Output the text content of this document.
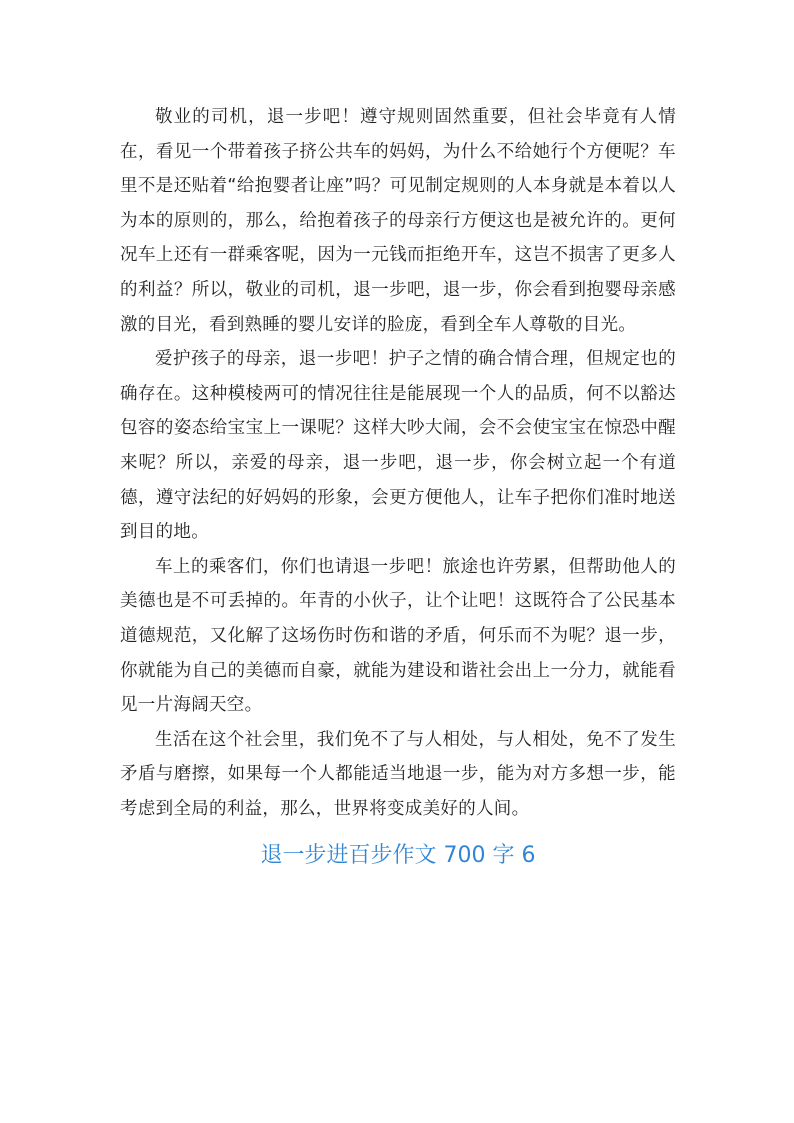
敬业的司机，退一步吧！遵守规则固然重要，但社会毕竟有人情在，看见一个带着孩子挤公共车的妈妈，为什么不给她行个方便呢？车里不是还贴着“给抱婴者让座”吗？可见制定规则的人本身就是本着以人为本的原则的，那么，给抱着孩子的母亲行方便这也是被允许的。更何况车上还有一群乘客呢，因为一元钱而拒绝开车，这岂不损害了更多人的利益？所以，敬业的司机，退一步吧，退一步，你会看到抱婴母亲感激的目光，看到熟睡的婴儿安详的脸庞，看到全车人尊敬的目光。

爱护孩子的母亲，退一步吧！护子之情的确合情合理，但规定也的确存在。这种模棱两可的情况往往是能展现一个人的品质，何不以豁达包容的姿态给宝宝上一课呢？这样大吵大闹，会不会使宝宝在惊恐中醒来呢？所以，亲爱的母亲，退一步吧，退一步，你会树立起一个有道德，遵守法纪的好妈妈的形象，会更方便他人，让车子把你们准时地送到目的地。

车上的乘客们，你们也请退一步吧！旅途也许劳累，但帮助他人的美德也是不可丢掉的。年青的小伙子，让个让吧！这既符合了公民基本道德规范，又化解了这场伤时伤和谐的矛盾，何乐而不为呢？退一步，你就能为自己的美德而自豪，就能为建设和谐社会出上一分力，就能看见一片海阔天空。

生活在这个社会里，我们免不了与人相处，与人相处，免不了发生矛盾与磨擦，如果每一个人都能适当地退一步，能为对方多想一步，能考虑到全局的利益，那么，世界将变成美好的人间。

退一步进百步作文 700 字 6
